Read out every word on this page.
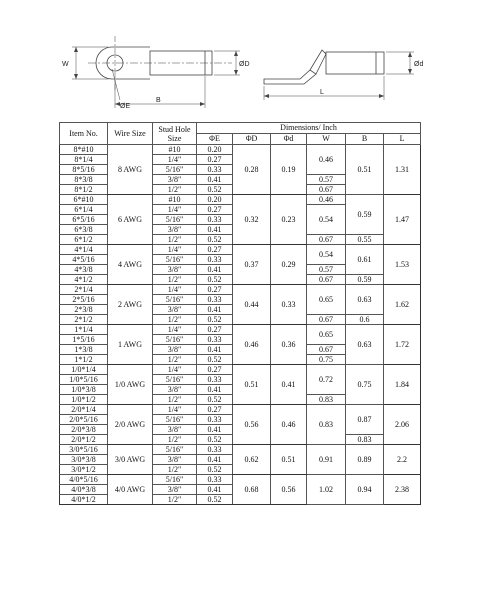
W	ØD
B
ØE
Ød
L
Item No.	Wire Size	Stud Hole Size	Dimensions/ Inch					
			ΦE	ΦD	Φd	W	B	L
8*#10	8 AWG	#10	0.20	0.28	0.19	0.46	0.51	1.31
8*1/4		1/4"	0.27					
8*5/16		5/16"	0.33					
8*3/8		3/8"	0.41			0.57		
8*1/2		1/2"	0.52			0.67		
6*#10	6 AWG	#10	0.20	0.32	0.23	0.46	0.59	1.47
6*1/4		1/4"	0.27			0.54		
6*5/16		5/16"	0.33					
6*3/8		3/8"	0.41					
6*1/2		1/2"	0.52			0.67	0.55	
4*1/4	4 AWG	1/4"	0.27	0.37	0.29	0.54	0.61	1.53
4*5/16		5/16"	0.33					
4*3/8		3/8"	0.41			0.57		
4*1/2		1/2"	0.52			0.67	0.59	
2*1/4	2 AWG	1/4"	0.27	0.44	0.33	0.65	0.63	1.62
2*5/16		5/16"	0.33					
2*3/8		3/8"	0.41					
2*1/2		1/2"	0.52			0.67	0.6	
1*1/4	1 AWG	1/4"	0.27	0.46	0.36	0.65	0.63	1.72
1*5/16		5/16"	0.33					
1*3/8		3/8"	0.41			0.67		
1*1/2		1/2"	0.52			0.75		
1/0*1/4	1/0 AWG	1/4"	0.27	0.51	0.41	0.72	0.75	1.84
1/0*5/16		5/16"	0.33					
1/0*3/8		3/8"	0.41					
1/0*1/2		1/2"	0.52			0.83		
2/0*1/4	2/0 AWG	1/4"	0.27	0.56	0.46	0.83	0.87	2.06
2/0*5/16		5/16"	0.33					
2/0*3/8		3/8"	0.41					
2/0*1/2		1/2"	0.52				0.83	
3/0*5/16	3/0 AWG	5/16"	0.33	0.62	0.51	0.91	0.89	2.2
3/0*3/8		3/8"	0.41					
3/0*1/2		1/2"	0.52					
4/0*5/16	4/0 AWG	5/16"	0.33	0.68	0.56	1.02	0.94	2.38
4/0*3/8		3/8"	0.41					
4/0*1/2		1/2"	0.52					
